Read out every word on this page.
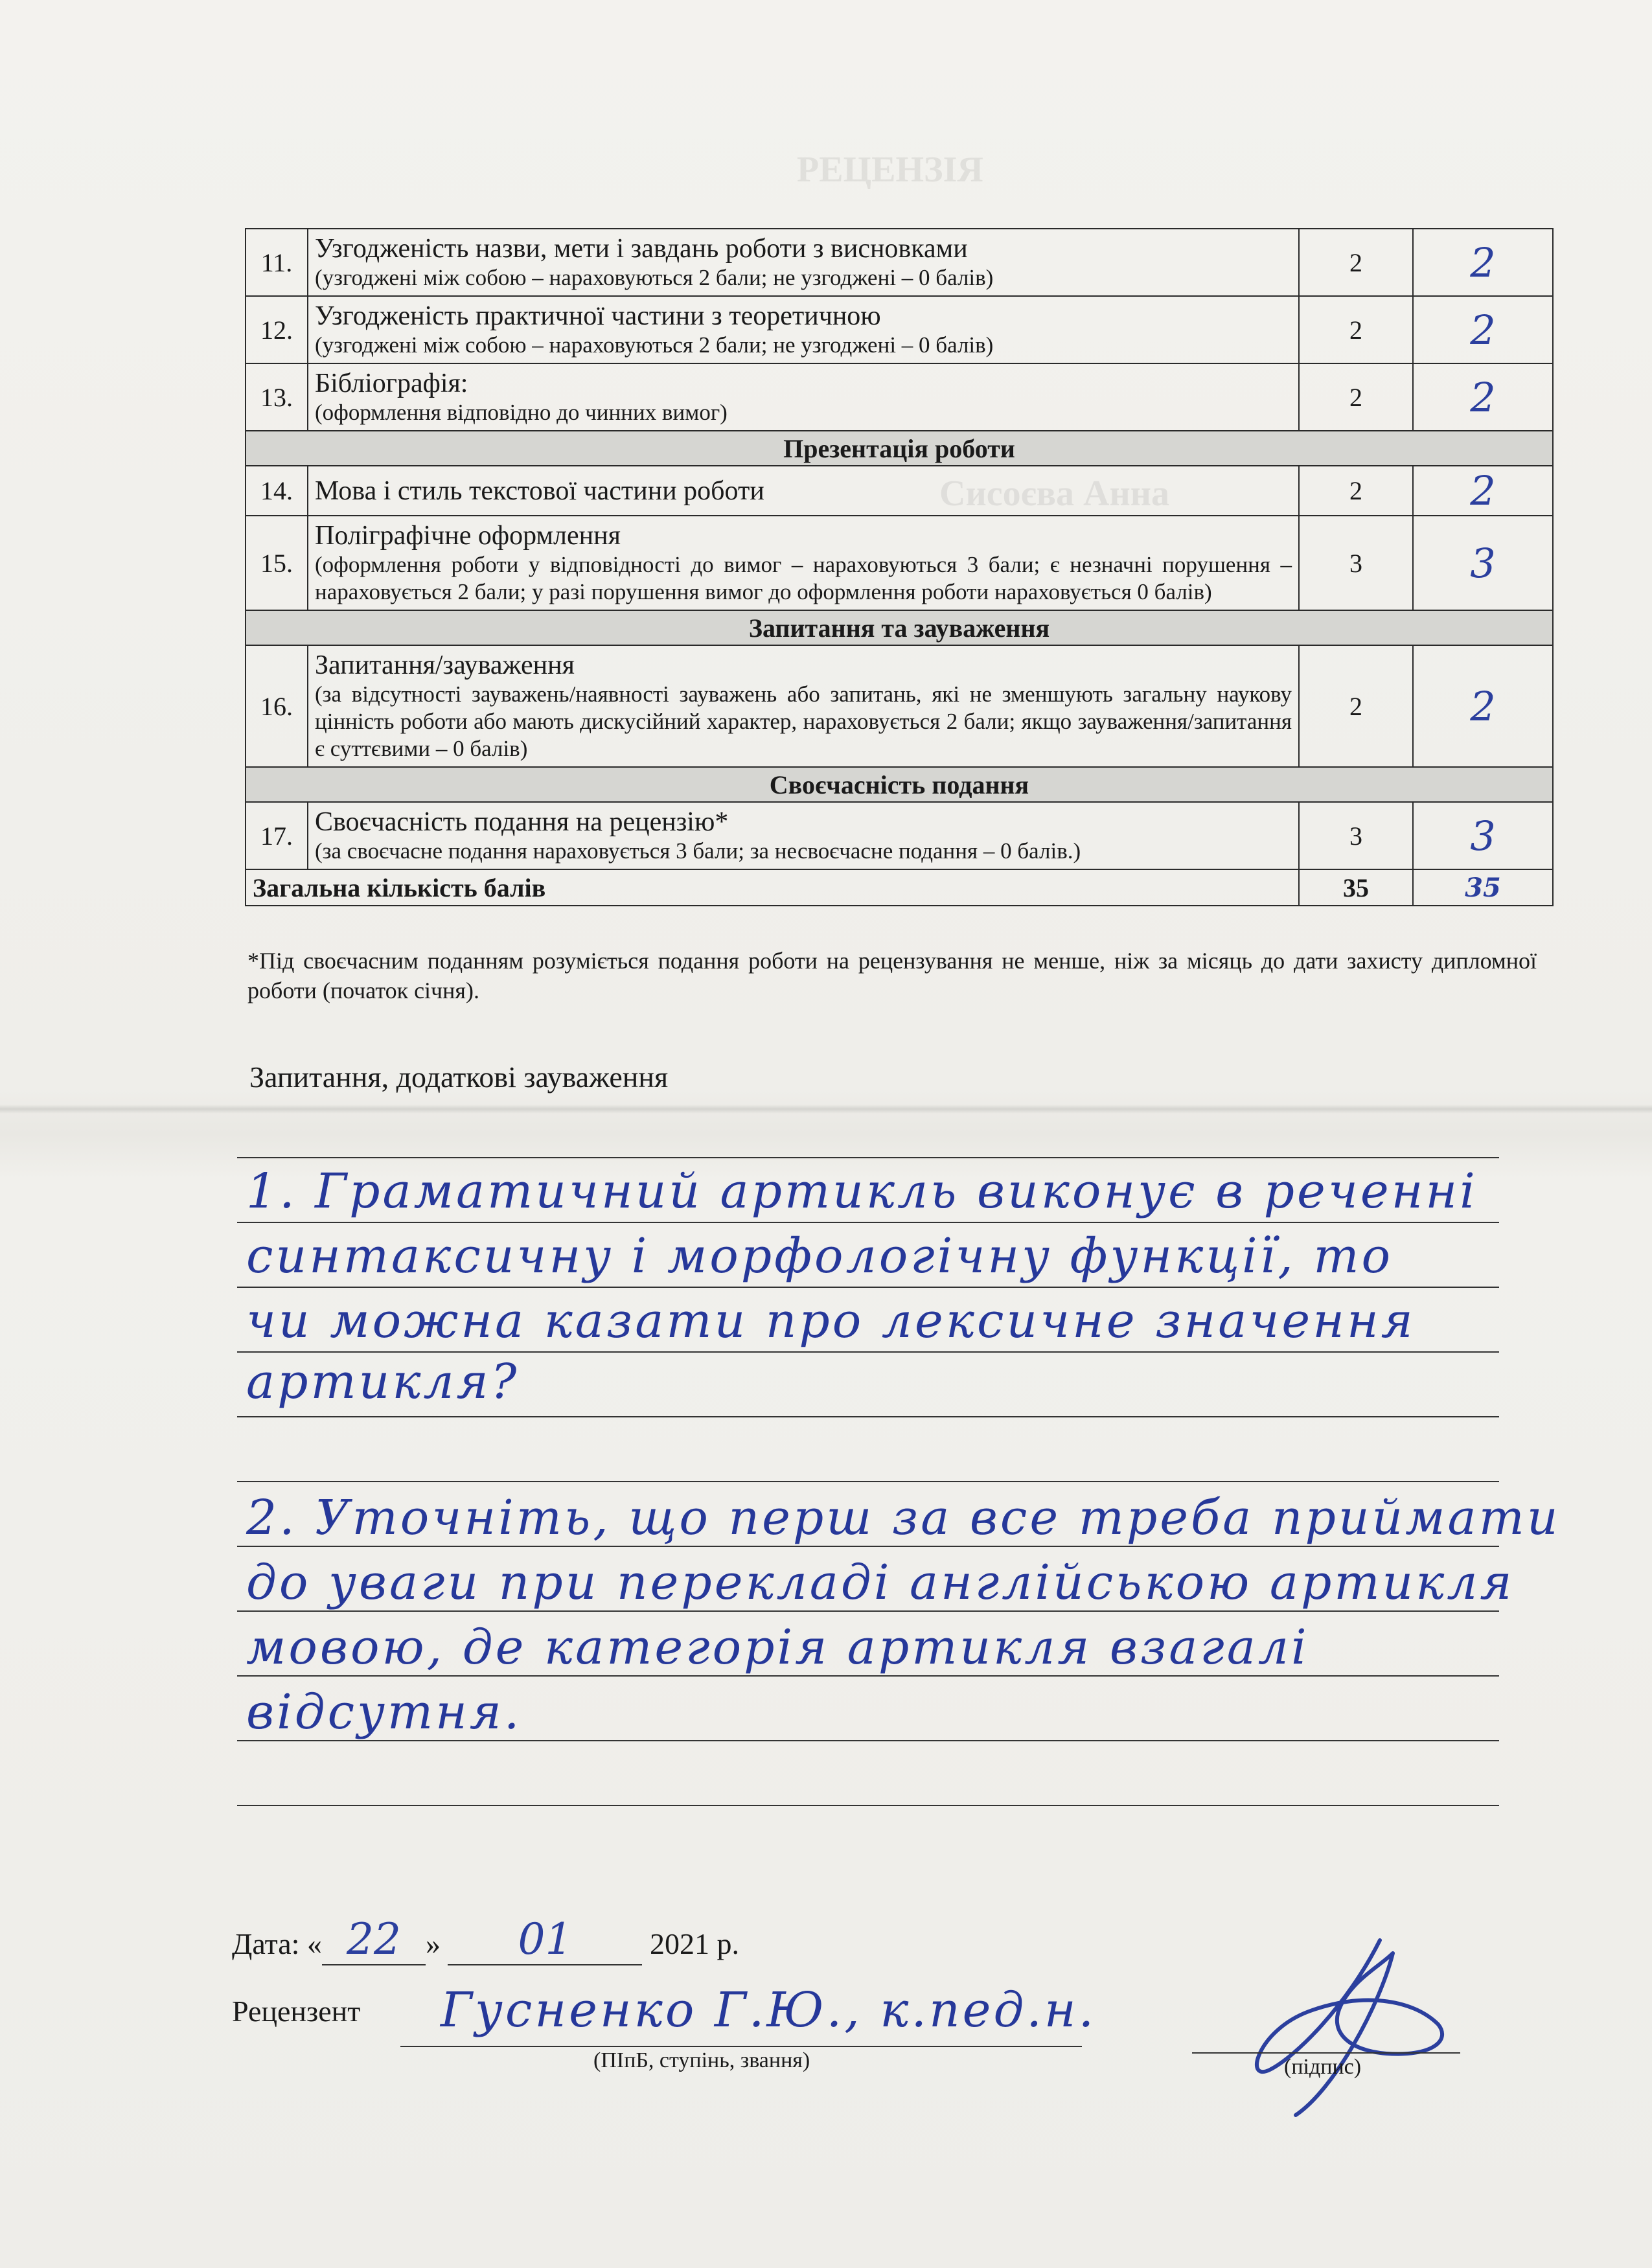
РЕЦЕНЗІЯ
Сисоєва Анна
11.	Узгодженість назви, мети і завдань роботи з висновками
(узгоджені між собою – нараховуються 2 бали; не узгоджені – 0 балів)	2	2
12.	Узгодженість практичної частини з теоретичною
(узгоджені між собою – нараховуються 2 бали; не узгоджені – 0 балів)	2	2
13.	Бібліографія:
(оформлення відповідно до чинних вимог)	2	2
Презентація роботи			
14.	Мова і стиль текстової частини роботи	2	2
15.	Поліграфічне оформлення
(оформлення роботи у відповідності до вимог – нараховуються 3 бали; є незначні порушення – нараховується 2 бали; у разі порушення вимог до оформлення роботи нараховується 0 балів)	3	3
Запитання та зауваження			
16.	Запитання/зауваження
(за відсутності зауважень/наявності зауважень або запитань, які не зменшують загальну наукову цінність роботи або мають дискусійний характер, нараховується 2 бали; якщо зауваження/запитання є суттєвими – 0 балів)	2	2
Своєчасність подання			
17.	Своєчасність подання на рецензію*
(за своєчасне подання нараховується 3 бали; за несвоєчасне подання – 0 балів.)	3	3
Загальна кількість балів		35	35
*Під своєчасним поданням розуміється подання роботи на рецензування не менше, ніж за місяць до дати захисту дипломної роботи (початок січня).
Запитання, додаткові зауваження
1. Граматичний артикль виконує в реченні
синтаксичну і морфологічну функції, то
чи можна казати про лексичне значення
артикля?
2. Уточніть, що перш за все треба приймати
до уваги при перекладі англійською артикля
мовою, де категорія артикля взагалі
відсутня.
Дата: « 22 » 01	2021 р.
Рецензент Гусненко Г.Ю., к.пед.н.
(ПІпБ, ступінь, звання)	(підпис)
